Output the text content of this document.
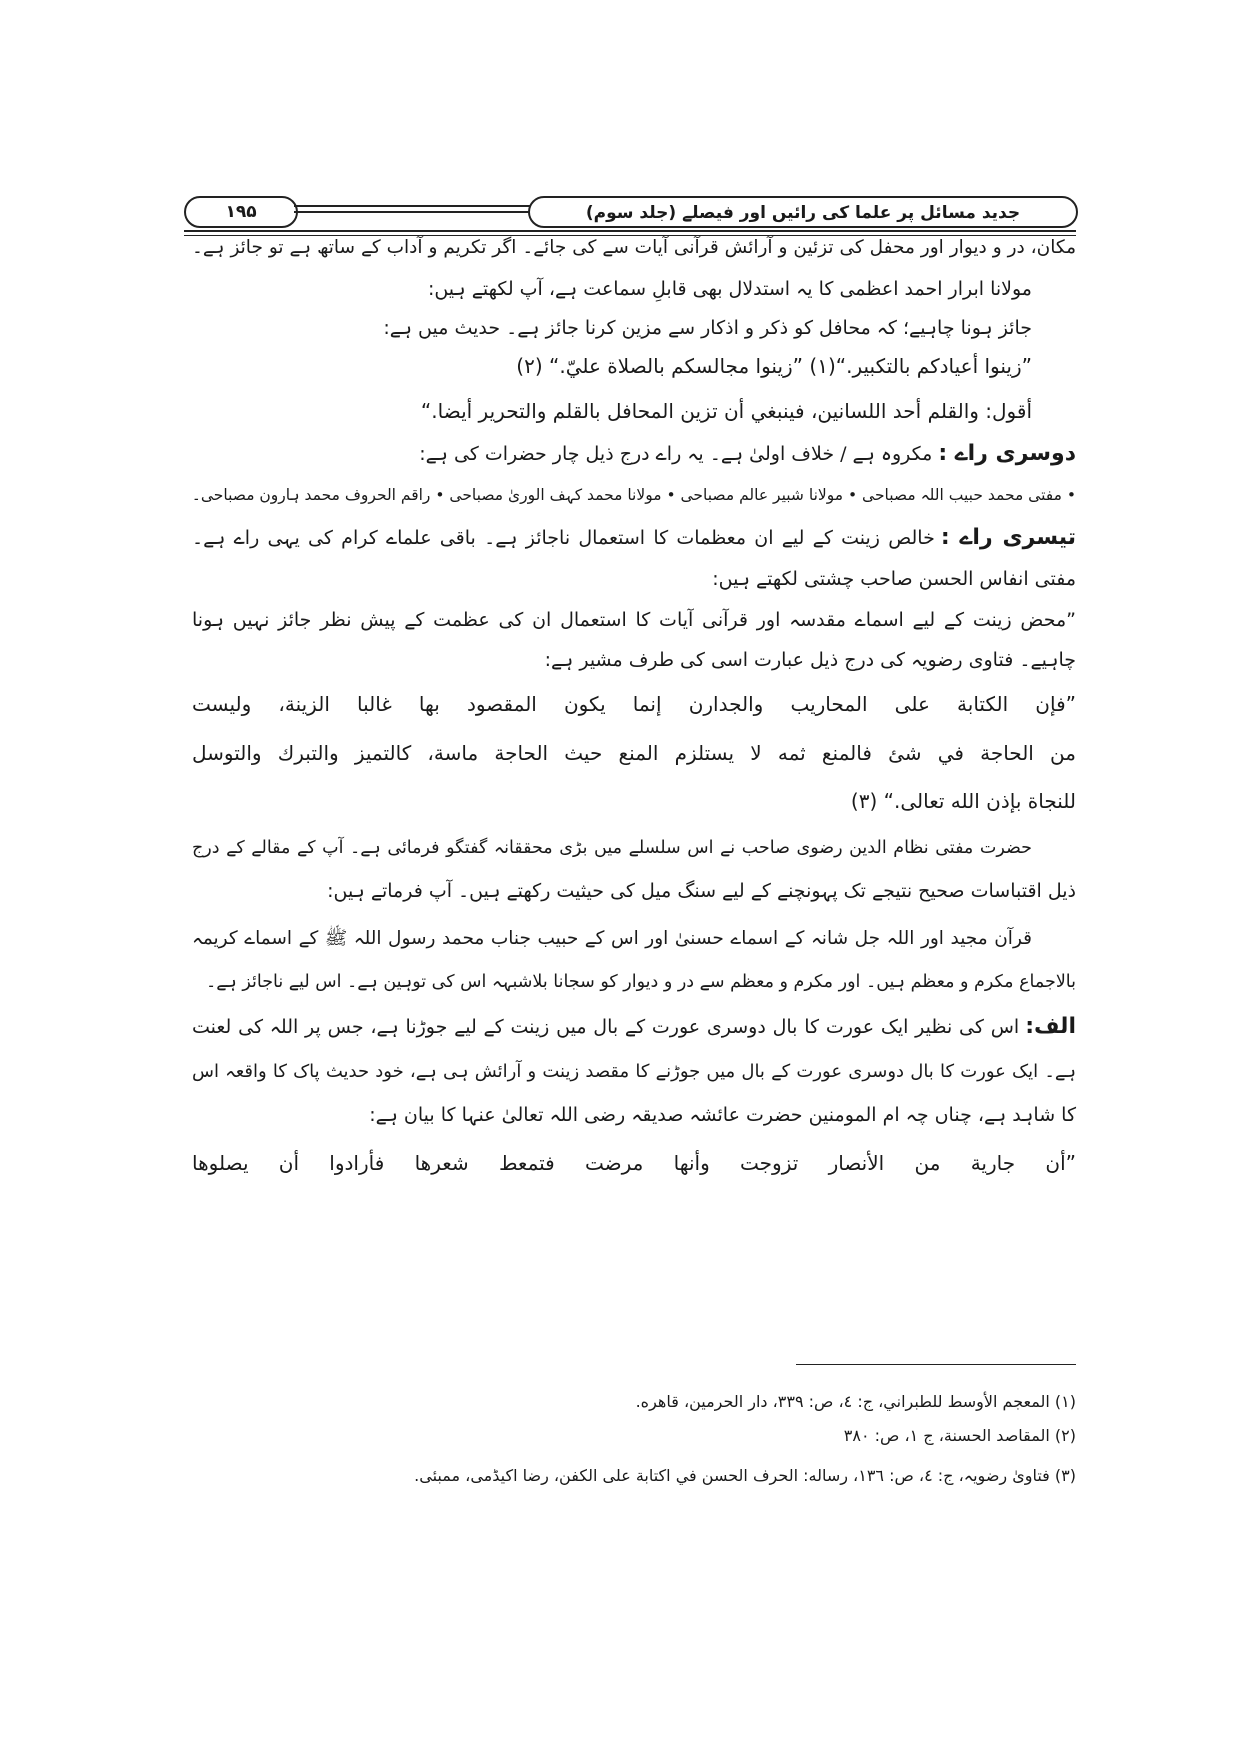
۱۹۵	جدید مسائل پر علما کی رائیں اور فیصلے (جلد سوم)
مکان، در و دیوار اور محفل کی تزئین و آرائش قرآنی آیات سے کی جائے۔ اگر تکریم و آداب کے ساتھ ہے تو جائز ہے۔
مولانا ابرار احمد اعظمی کا یہ استدلال بھی قابلِ سماعت ہے، آپ لکھتے ہیں:
جائز ہونا چاہیے؛ کہ محافل کو ذکر و اذکار سے مزین کرنا جائز ہے۔ حدیث میں ہے:
”زينوا أعيادكم بالتكبير.“(۱) ”زينوا مجالسكم بالصلاة عليّ.“ (۲)
أقول: والقلم أحد اللسانين، فينبغي أن تزين المحافل بالقلم والتحرير أيضا.“
دوسری راے :مکروہ ہے / خلاف اولیٰ ہے۔ یہ راے درج ذیل چار حضرات کی ہے:
• مفتی محمد حبیب اللہ مصباحی • مولانا شبیر عالم مصباحی • مولانا محمد کہف الوریٰ مصباحی • راقم الحروف محمد ہارون مصباحی۔
تیسری راے :خالص زینت کے لیے ان معظمات کا استعمال ناجائز ہے۔ باقی علماے کرام کی یہی راے ہے۔
مفتی انفاس الحسن صاحب چشتی لکھتے ہیں:
”محض زینت کے لیے اسماے مقدسہ اور قرآنی آیات کا استعمال ان کی عظمت کے پیش نظر جائز نہیں ہونا
چاہیے۔ فتاوی رضویہ کی درج ذیل عبارت اسی کی طرف مشیر ہے:
”فإن الكتابة على المحاريب والجدارن إنما يكون المقصود بها غالبا الزينة، وليست
من الحاجة في شئ فالمنع ثمه لا يستلزم المنع حيث الحاجة ماسة، كالتميز والتبرك والتوسل
للنجاة بإذن الله تعالى.“ (۳)
حضرت مفتی نظام الدین رضوی صاحب نے اس سلسلے میں بڑی محققانہ گفتگو فرمائی ہے۔ آپ کے مقالے کے درج
ذیل اقتباسات صحیح نتیجے تک پہونچنے کے لیے سنگ میل کی حیثیت رکھتے ہیں۔ آپ فرماتے ہیں:
قرآن مجید اور اللہ جل شانہ کے اسماے حسنیٰ اور اس کے حبیب جناب محمد رسول اللہ ﷺ کے اسماے کریمہ
بالاجماع مکرم و معظم ہیں۔ اور مکرم و معظم سے در و دیوار کو سجانا بلاشبہہ اس کی توہین ہے۔ اس لیے ناجائز ہے۔
الف:اس کی نظیر ایک عورت کا بال دوسری عورت کے بال میں زینت کے لیے جوڑنا ہے، جس پر اللہ کی لعنت
ہے۔ ایک عورت کا بال دوسری عورت کے بال میں جوڑنے کا مقصد زینت و آرائش ہی ہے، خود حدیث پاک کا واقعہ اس
کا شاہد ہے، چناں چہ ام المومنین حضرت عائشہ صدیقہ رضی اللہ تعالیٰ عنہا کا بیان ہے:
”أن جارية من الأنصار تزوجت وأنها مرضت فتمعط شعرها فأرادوا أن يصلوها
(۱) المعجم الأوسط للطبراني، ج: ٤، ص: ٣٣٩، دار الحرمين، قاهره.
(۲) المقاصد الحسنة، ج ١، ص: ٣٨٠
(۳) فتاویٰ رضویہ، ج: ٤، ص: ١٣٦، رساله: الحرف الحسن في اكتابة على الكفن، رضا اكيڈمی، ممبئی.
